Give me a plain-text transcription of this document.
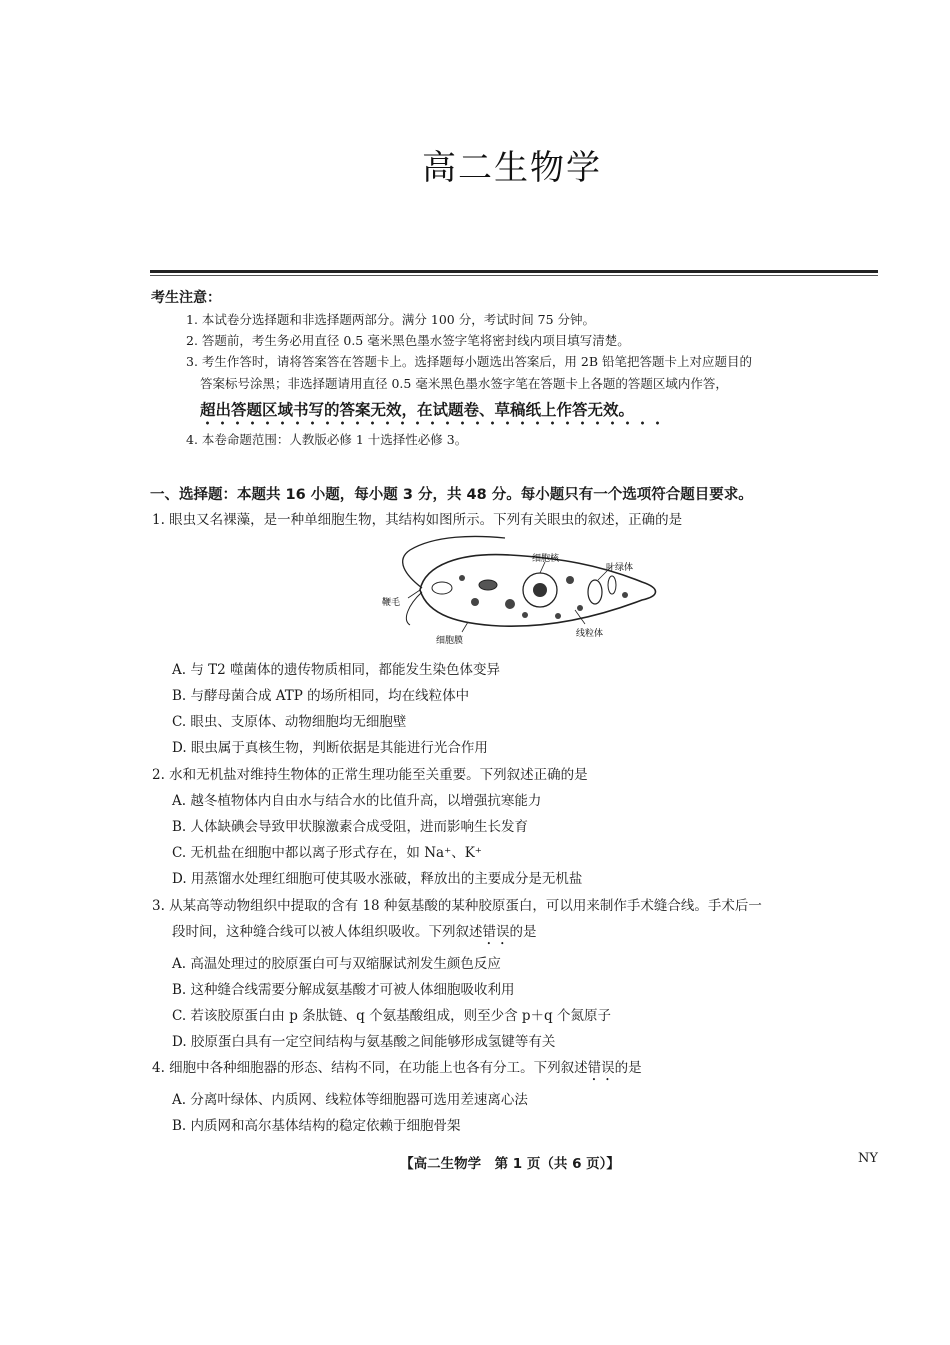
高二生物学
考生注意：
1. 本试卷分选择题和非选择题两部分。满分 100 分，考试时间 75 分钟。
2. 答题前，考生务必用直径 0.5 毫米黑色墨水签字笔将密封线内项目填写清楚。
3. 考生作答时，请将答案答在答题卡上。选择题每小题选出答案后，用 2B 铅笔把答题卡上对应题目的
答案标号涂黑；非选择题请用直径 0.5 毫米黑色墨水签字笔在答题卡上各题的答题区域内作答，
超出答题区域书写的答案无效，在试题卷、草稿纸上作答无效。
4. 本卷命题范围：人教版必修 1 十选择性必修 3。
一、选择题：本题共 16 小题，每小题 3 分，共 48 分。每小题只有一个选项符合题目要求。
1. 眼虫又名裸藻，是一种单细胞生物，其结构如图所示。下列有关眼虫的叙述，正确的是
细胞核
叶绿体
鞭毛
细胞膜
线粒体
A. 与 T2 噬菌体的遗传物质相同，都能发生染色体变异
B. 与酵母菌合成 ATP 的场所相同，均在线粒体中
C. 眼虫、支原体、动物细胞均无细胞壁
D. 眼虫属于真核生物，判断依据是其能进行光合作用
2. 水和无机盐对维持生物体的正常生理功能至关重要。下列叙述正确的是
A. 越冬植物体内自由水与结合水的比值升高，以增强抗寒能力
B. 人体缺碘会导致甲状腺激素合成受阻，进而影响生长发育
C. 无机盐在细胞中都以离子形式存在，如 Na⁺、K⁺
D. 用蒸馏水处理红细胞可使其吸水涨破，释放出的主要成分是无机盐
3. 从某高等动物组织中提取的含有 18 种氨基酸的某种胶原蛋白，可以用来制作手术缝合线。手术后一
段时间，这种缝合线可以被人体组织吸收。下列叙述错误的是
A. 高温处理过的胶原蛋白可与双缩脲试剂发生颜色反应
B. 这种缝合线需要分解成氨基酸才可被人体细胞吸收利用
C. 若该胶原蛋白由 p 条肽链、q 个氨基酸组成，则至少含 p＋q 个氮原子
D. 胶原蛋白具有一定空间结构与氨基酸之间能够形成氢键等有关
4. 细胞中各种细胞器的形态、结构不同，在功能上也各有分工。下列叙述错误的是
A. 分离叶绿体、内质网、线粒体等细胞器可选用差速离心法
B. 内质网和高尔基体结构的稳定依赖于细胞骨架
【高二生物学　第 1 页（共 6 页）】	NY
